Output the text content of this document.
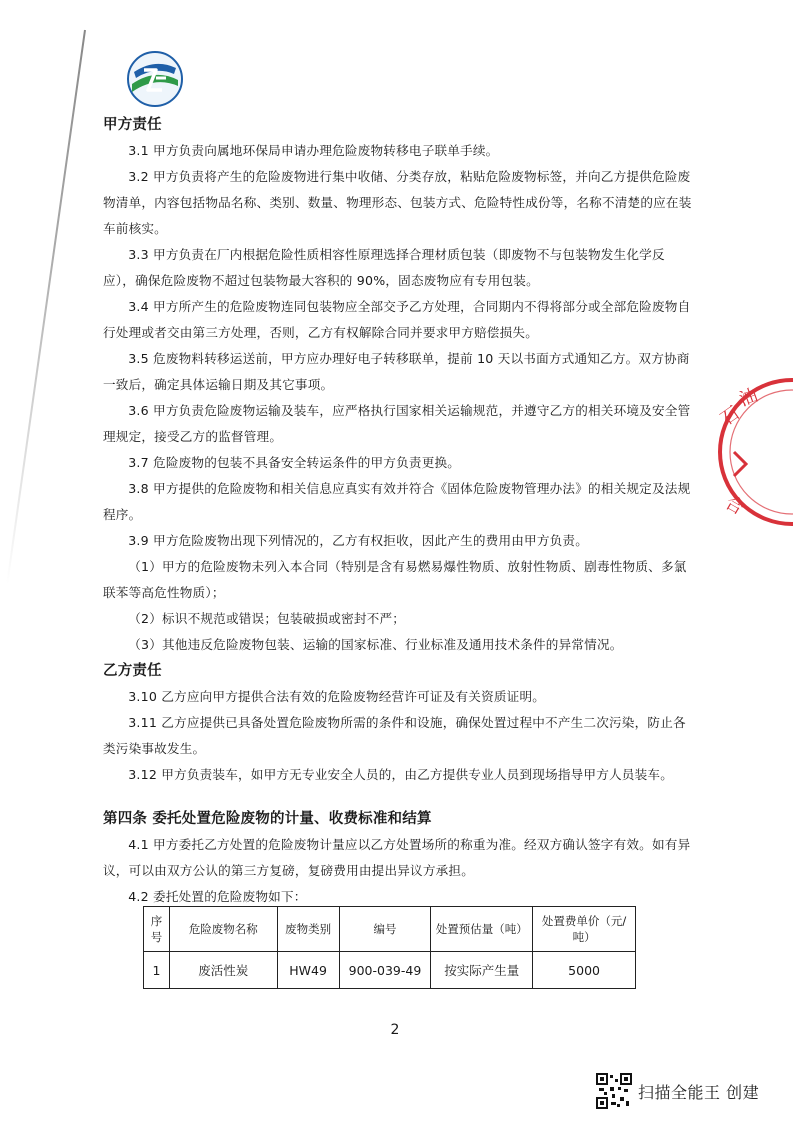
甲方责任

3.1 甲方负责向属地环保局申请办理危险废物转移电子联单手续。

3.2 甲方负责将产生的危险废物进行集中收储、分类存放，粘贴危险废物标签，并向乙方提供危险废物清单，内容包括物品名称、类别、数量、物理形态、包装方式、危险特性成份等，名称不清楚的应在装车前核实。

3.3 甲方负责在厂内根据危险性质相容性原理选择合理材质包装（即废物不与包装物发生化学反应），确保危险废物不超过包装物最大容积的 90%，固态废物应有专用包装。

3.4 甲方所产生的危险废物连同包装物应全部交予乙方处理，合同期内不得将部分或全部危险废物自行处理或者交由第三方处理，否则，乙方有权解除合同并要求甲方赔偿损失。

3.5 危废物料转移运送前，甲方应办理好电子转移联单，提前 10 天以书面方式通知乙方。双方协商一致后，确定具体运输日期及其它事项。

3.6 甲方负责危险废物运输及装车，应严格执行国家相关运输规范，并遵守乙方的相关环境及安全管理规定，接受乙方的监督管理。

3.7 危险废物的包装不具备安全转运条件的甲方负责更换。

3.8 甲方提供的危险废物和相关信息应真实有效并符合《固体危险废物管理办法》的相关规定及法规程序。

3.9 甲方危险废物出现下列情况的，乙方有权拒收，因此产生的费用由甲方负责。

（1）甲方的危险废物未列入本合同（特别是含有易燃易爆性物质、放射性物质、剧毒性物质、多氯联苯等高危性物质）；

（2）标识不规范或错误；包装破损或密封不严；

（3）其他违反危险废物包装、运输的国家标准、行业标准及通用技术条件的异常情况。

乙方责任

3.10 乙方应向甲方提供合法有效的危险废物经营许可证及有关资质证明。

3.11 乙方应提供已具备处置危险废物所需的条件和设施，确保处置过程中不产生二次污染，防止各类污染事故发生。

3.12 甲方负责装车，如甲方无专业安全人员的，由乙方提供专业人员到现场指导甲方人员装车。

第四条 委托处置危险废物的计量、收费标准和结算

4.1 甲方委托乙方处置的危险废物计量应以乙方处置场所的称重为准。经双方确认签字有效。如有异议，可以由双方公认的第三方复磅，复磅费用由提出异议方承担。

4.2 委托处置的危险废物如下：

序号	危险废物名称	废物类别	编号	处置预估量（吨）	处置费单价（元/吨）
1	废活性炭	HW49	900-039-49	按实际产生量	5000
2
石
油
合
扫描全能王 创建
